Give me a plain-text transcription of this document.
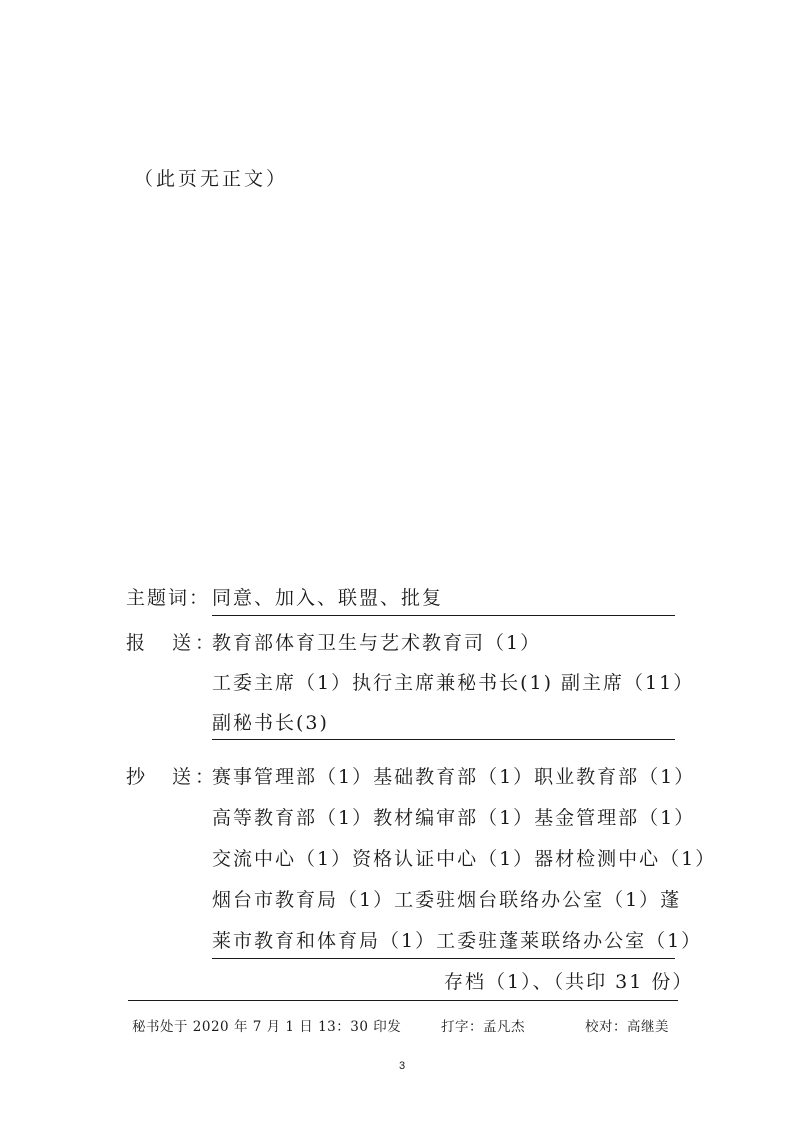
（此页无正文）
主题词： 同意、加入、联盟、批复
报　送：
教育部体育卫生与艺术教育司（1）
工委主席（1）执行主席兼秘书长(1) 副主席（11）
副秘书长(3)
抄　送：
赛事管理部（1）基础教育部（1）职业教育部（1）
高等教育部（1）教材编审部（1）基金管理部（1）
交流中心（1）资格认证中心（1）器材检测中心（1）
烟台市教育局（1）工委驻烟台联络办公室（1）蓬
莱市教育和体育局（1）工委驻蓬莱联络办公室（1）
存档（1）、（共印 31 份）
秘书处于 2020 年 7 月 1 日 13：30 印发	打字：孟凡杰	校对：高继美
3
